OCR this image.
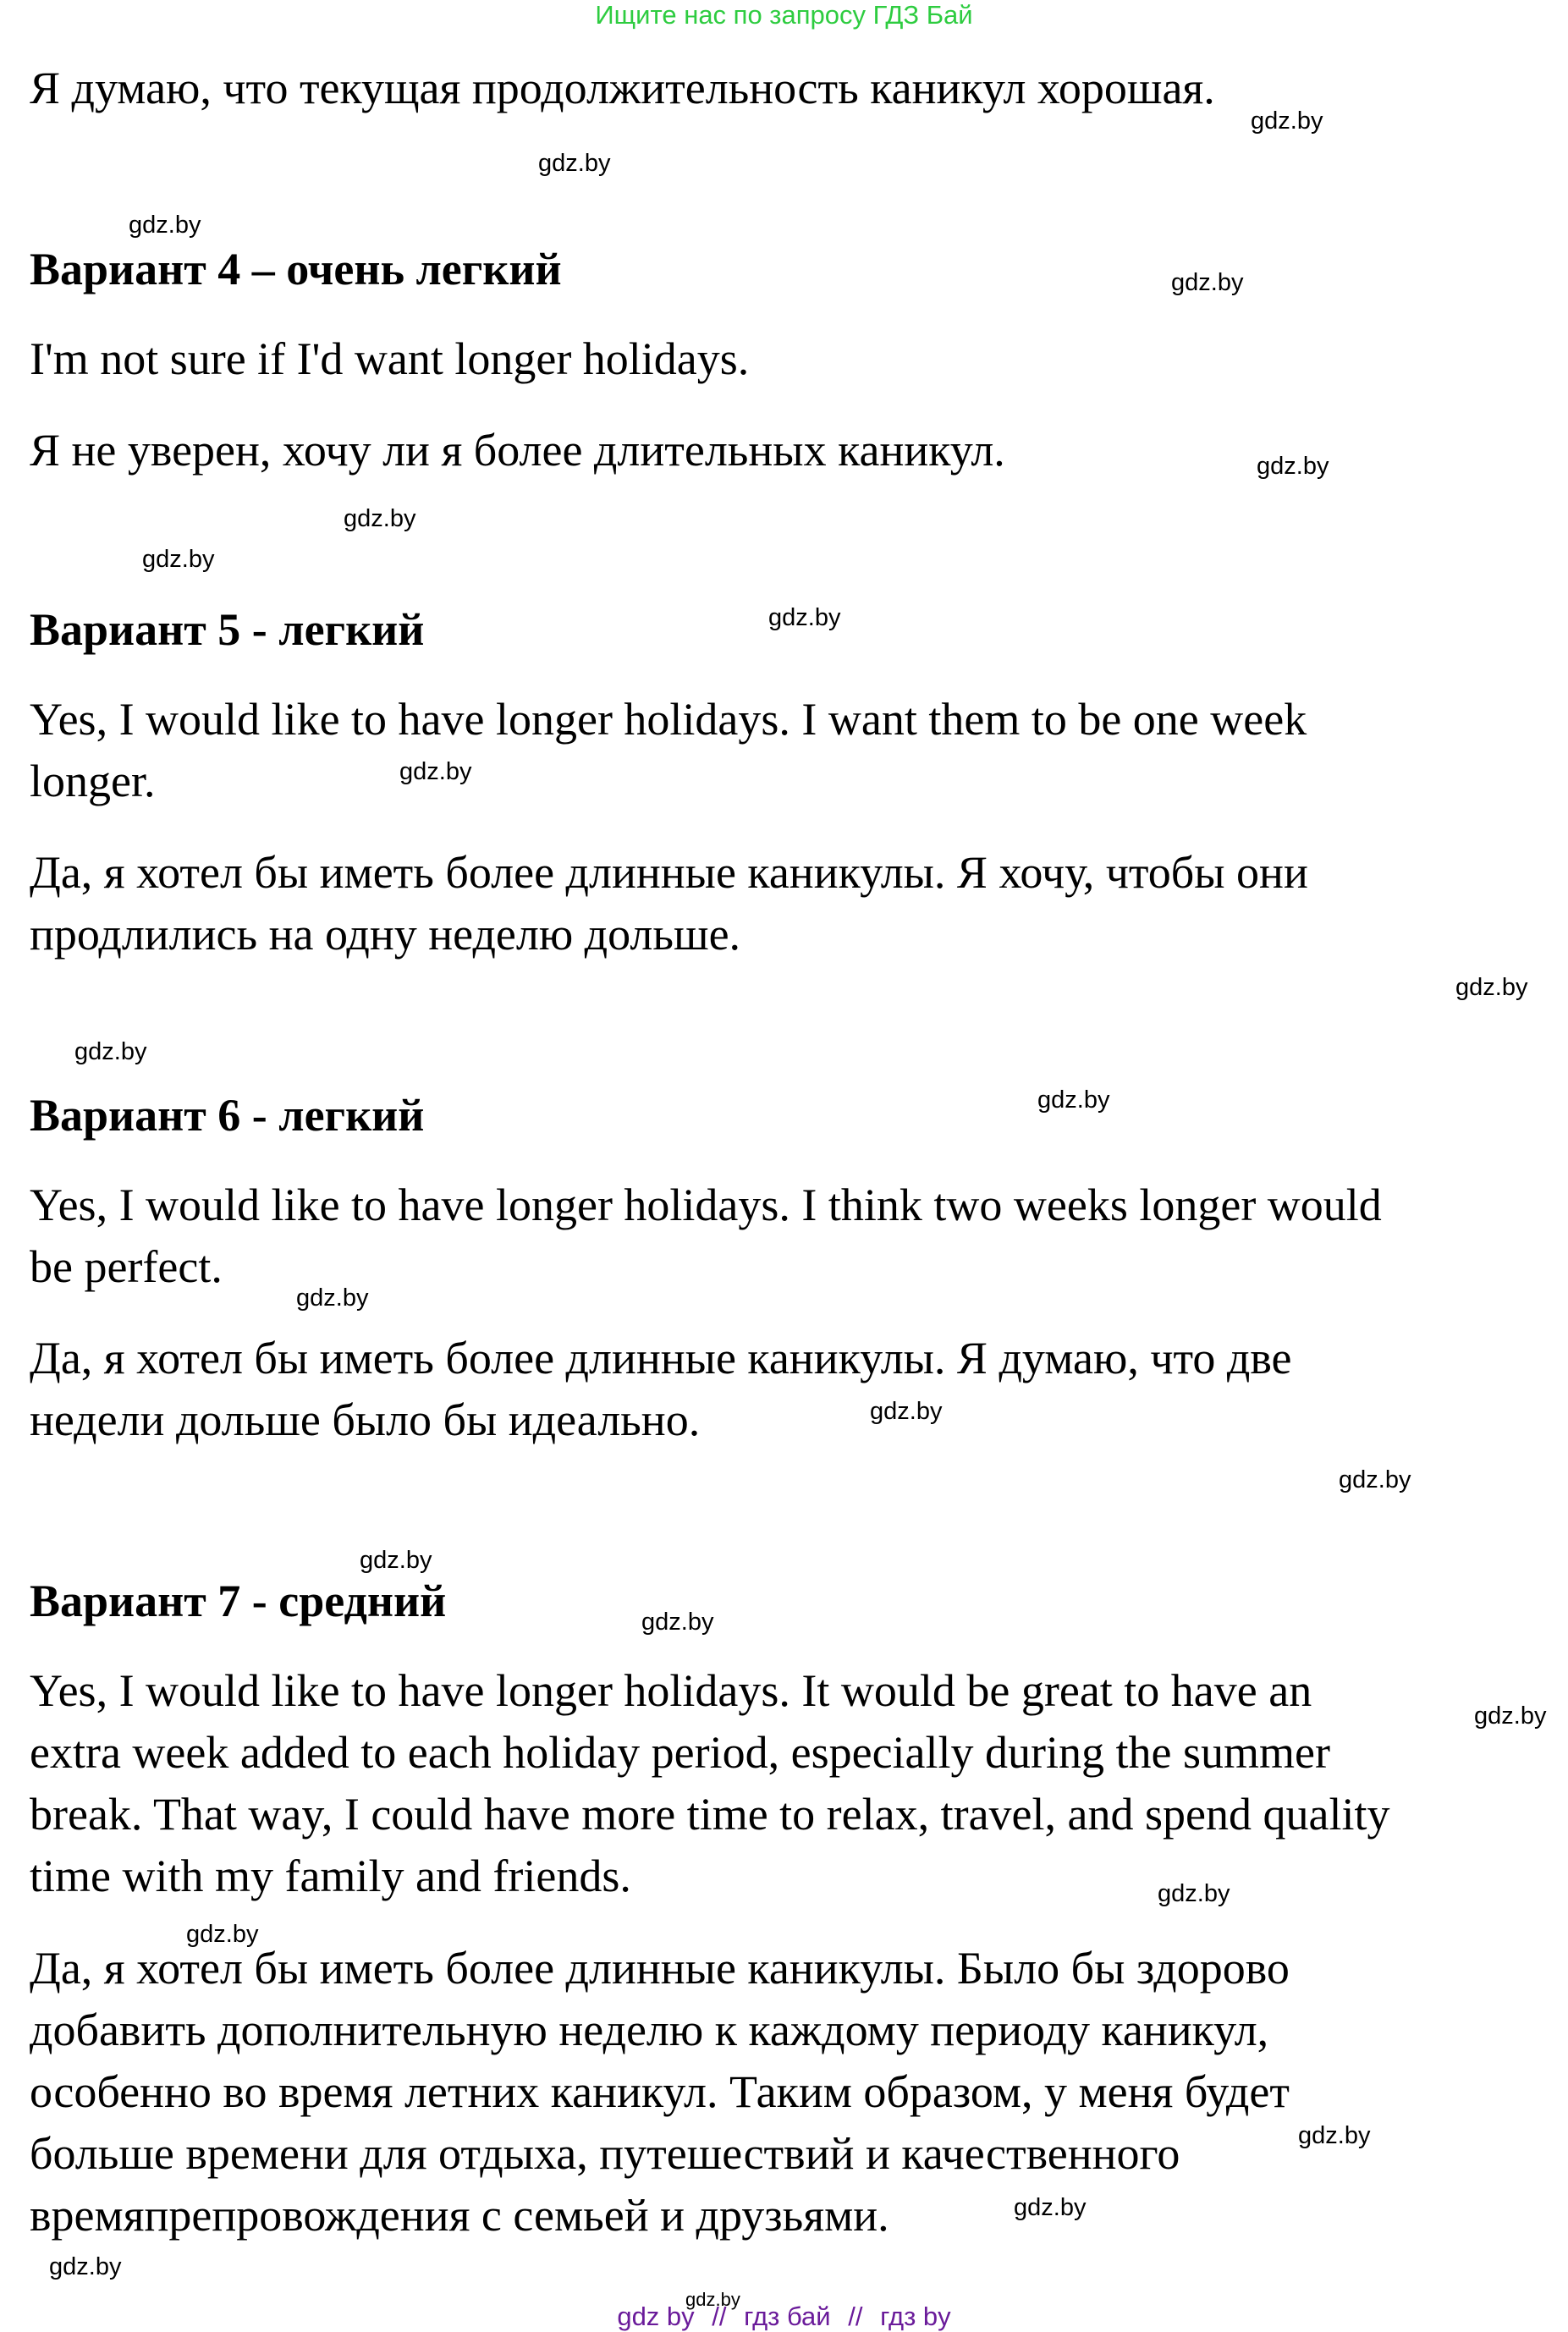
Ищите нас по запросу ГДЗ Бай
Я думаю, что текущая продолжительность каникул хорошая.
Вариант 4 – очень легкий
I'm not sure if I'd want longer holidays.
Я не уверен, хочу ли я более длительных каникул.
Вариант 5 - легкий
Yes, I would like to have longer holidays. I want them to be one week
longer.
Да, я хотел бы иметь более длинные каникулы. Я хочу, чтобы они
продлились на одну неделю дольше.
Вариант 6 - легкий
Yes, I would like to have longer holidays. I think two weeks longer would
be perfect.
Да, я хотел бы иметь более длинные каникулы. Я думаю, что две
недели дольше было бы идеально.
Вариант 7 - средний
Yes, I would like to have longer holidays. It would be great to have an
extra week added to each holiday period, especially during the summer
break. That way, I could have more time to relax, travel, and spend quality
time with my family and friends.
Да, я хотел бы иметь более длинные каникулы. Было бы здорово
добавить дополнительную неделю к каждому периоду каникул,
особенно во время летних каникул. Таким образом, у меня будет
больше времени для отдыха, путешествий и качественного
времяпрепровождения с семьей и друзьями.
gdz.by
gdz.by
gdz.by
gdz.by
gdz.by
gdz.by
gdz.by
gdz.by
gdz.by
gdz.by
gdz.by
gdz.by
gdz.by
gdz.by
gdz.by
gdz.by
gdz.by
gdz.by
gdz.by
gdz.by
gdz.by
gdz.by
gdz.by
gdz.by
gdz by // гдз бай // гдз by
